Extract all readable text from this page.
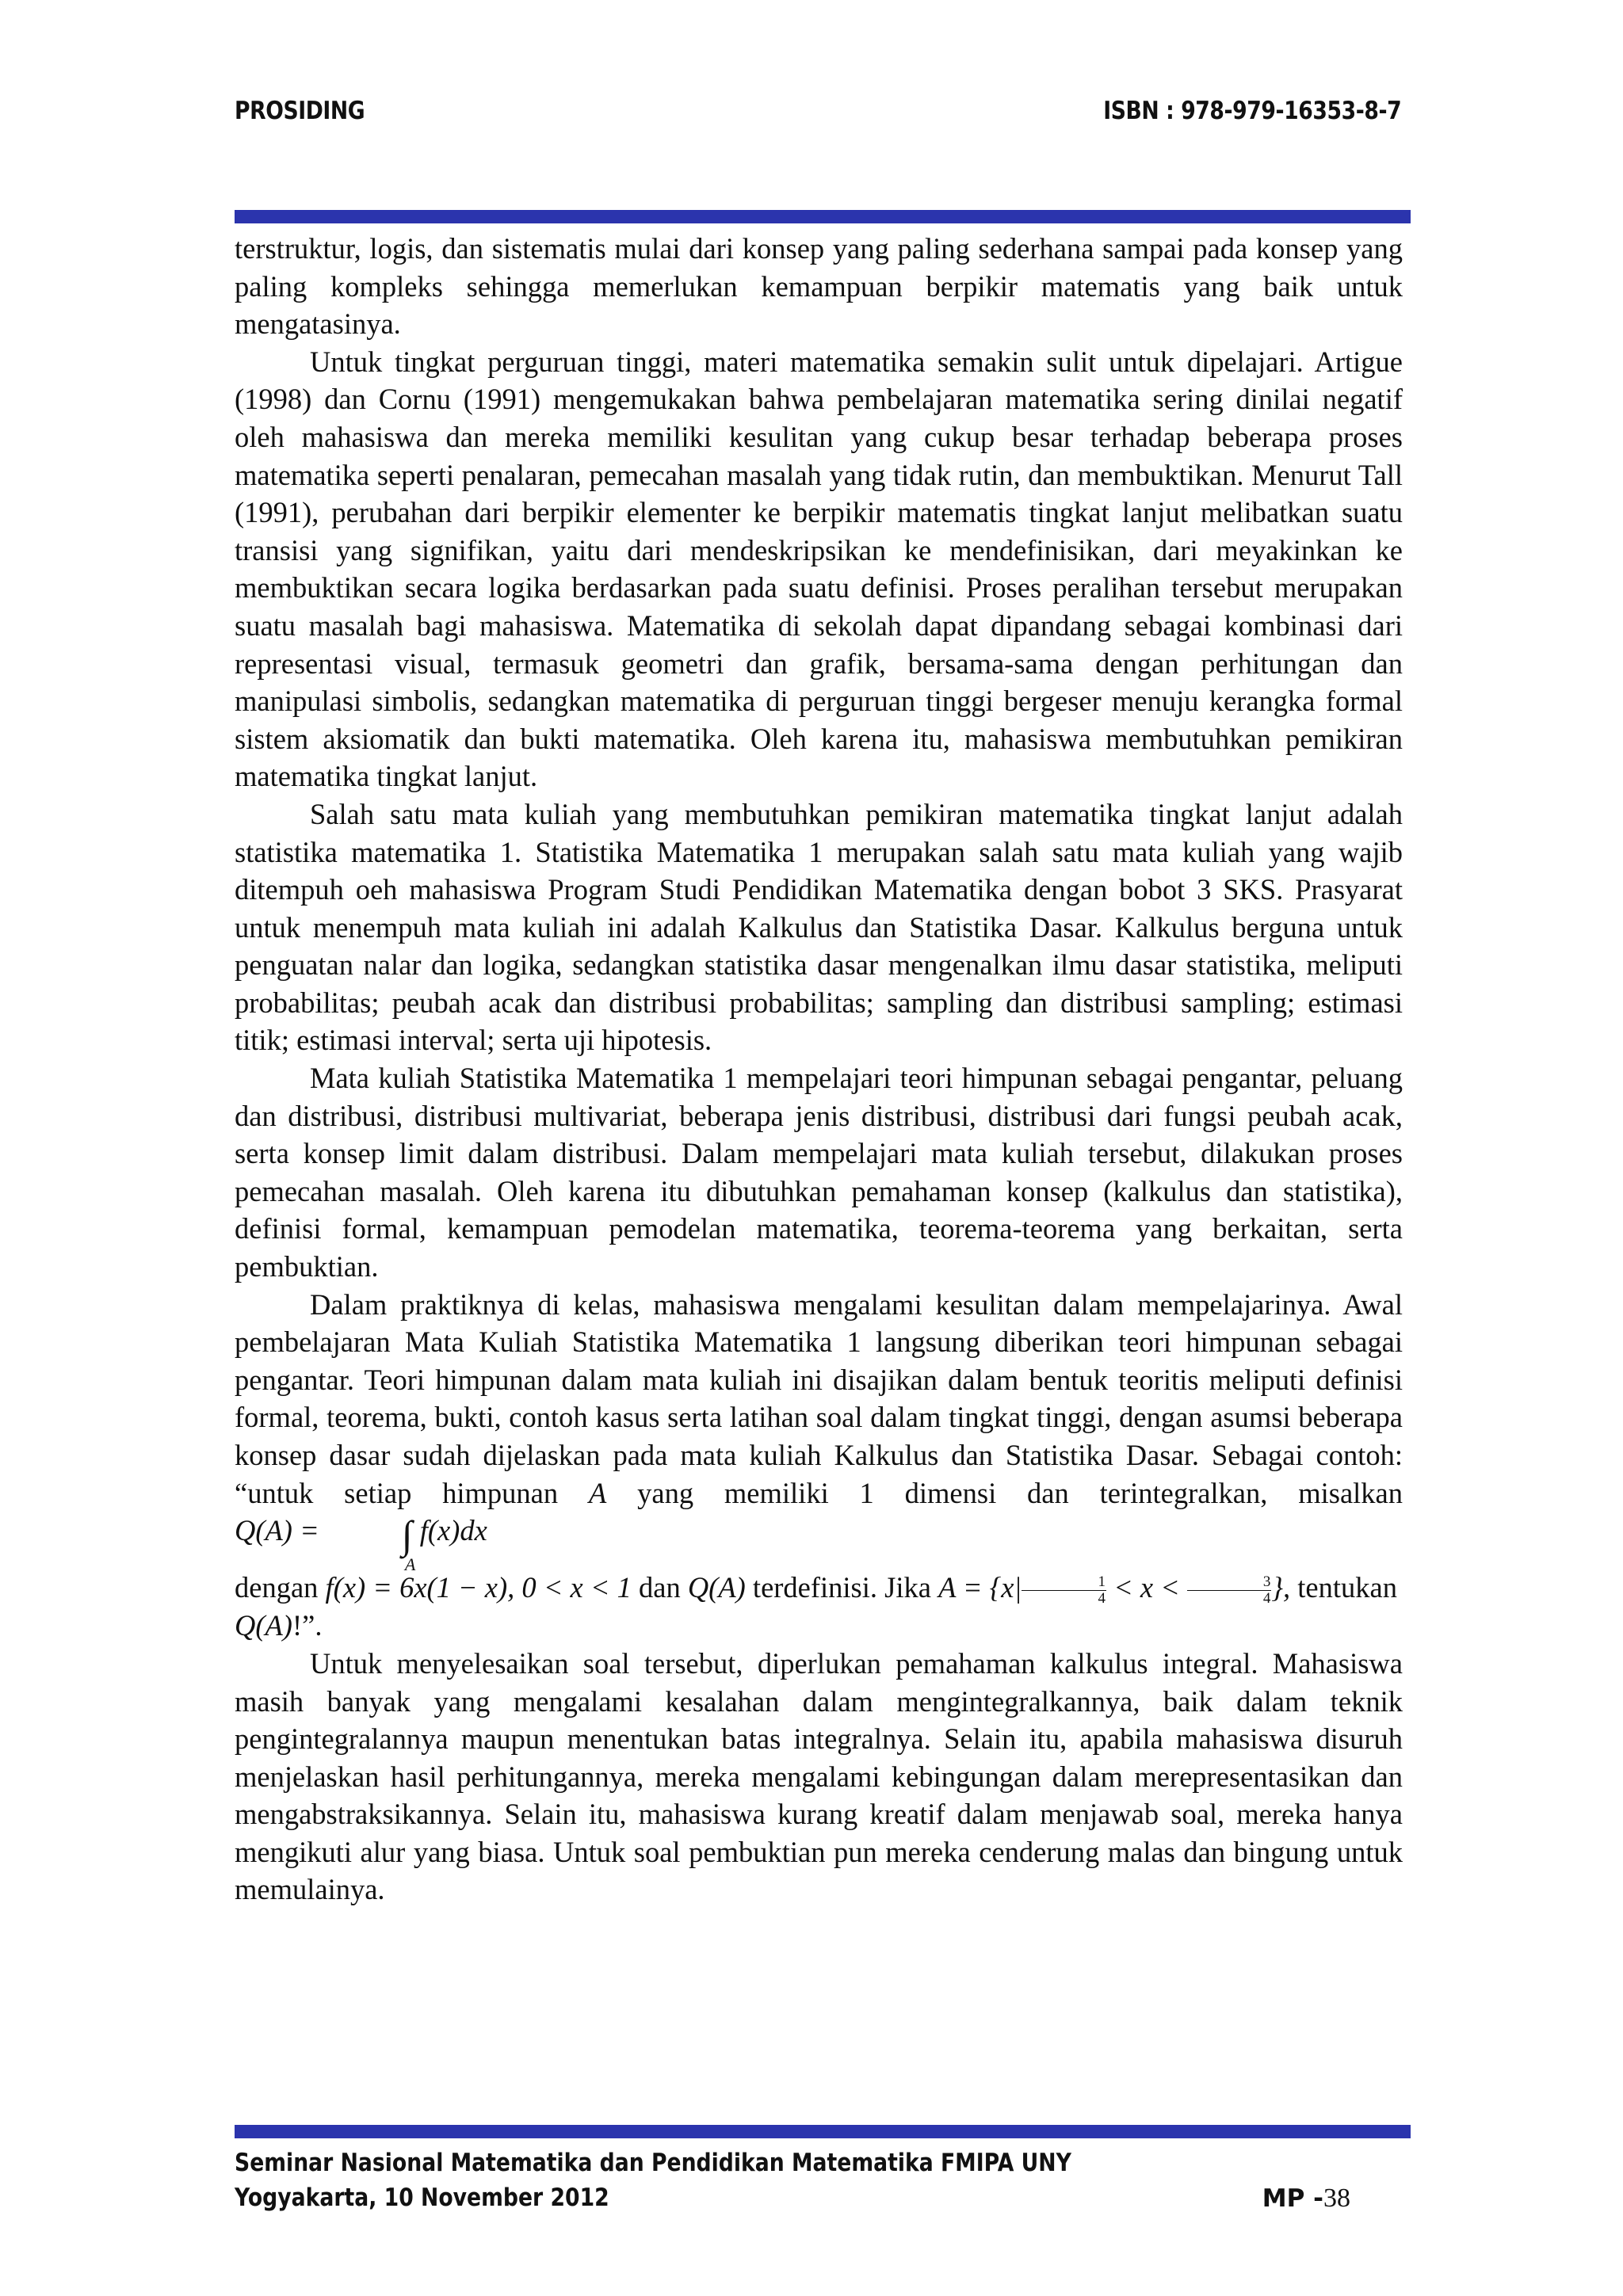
PROSIDING	ISBN : 978-979-16353-8-7

terstruktur, logis, dan sistematis mulai dari konsep yang paling sederhana sampai pada konsep yang paling kompleks sehingga memerlukan kemampuan berpikir matematis yang baik untuk mengatasinya.

Untuk tingkat perguruan tinggi, materi matematika semakin sulit untuk dipelajari. Artigue (1998) dan Cornu (1991) mengemukakan bahwa pembelajaran matematika sering dinilai negatif oleh mahasiswa dan mereka memiliki kesulitan yang cukup besar terhadap beberapa proses matematika seperti penalaran, pemecahan masalah yang tidak rutin, dan membuktikan. Menurut Tall (1991), perubahan dari berpikir elementer ke berpikir matematis tingkat lanjut melibatkan suatu transisi yang signifikan, yaitu dari mendeskripsikan ke mendefinisikan, dari meyakinkan ke membuktikan secara logika berdasarkan pada suatu definisi. Proses peralihan tersebut merupakan suatu masalah bagi mahasiswa. Matematika di sekolah dapat dipandang sebagai kombinasi dari representasi visual, termasuk geometri dan grafik, bersama-sama dengan perhitungan dan manipulasi simbolis, sedangkan matematika di perguruan tinggi bergeser menuju kerangka formal sistem aksiomatik dan bukti matematika. Oleh karena itu, mahasiswa membutuhkan pemikiran matematika tingkat lanjut.

Salah satu mata kuliah yang membutuhkan pemikiran matematika tingkat lanjut adalah statistika matematika 1. Statistika Matematika 1 merupakan salah satu mata kuliah yang wajib ditempuh oeh mahasiswa Program Studi Pendidikan Matematika dengan bobot 3 SKS. Prasyarat untuk menempuh mata kuliah ini adalah Kalkulus dan Statistika Dasar. Kalkulus berguna untuk penguatan nalar dan logika, sedangkan statistika dasar mengenalkan ilmu dasar statistika, meliputi probabilitas; peubah acak dan distribusi probabilitas; sampling dan distribusi sampling; estimasi titik; estimasi interval; serta uji hipotesis.

Mata kuliah Statistika Matematika 1 mempelajari teori himpunan sebagai pengantar, peluang dan distribusi, distribusi multivariat, beberapa jenis distribusi, distribusi dari fungsi peubah acak, serta konsep limit dalam distribusi. Dalam mempelajari mata kuliah tersebut, dilakukan proses pemecahan masalah. Oleh karena itu dibutuhkan pemahaman konsep (kalkulus dan statistika), definisi formal, kemampuan pemodelan matematika, teorema-teorema yang berkaitan, serta pembuktian.

Dalam praktiknya di kelas, mahasiswa mengalami kesulitan dalam mempelajarinya. Awal pembelajaran Mata Kuliah Statistika Matematika 1 langsung diberikan teori himpunan sebagai pengantar. Teori himpunan dalam mata kuliah ini disajikan dalam bentuk teoritis meliputi definisi formal, teorema, bukti, contoh kasus serta latihan soal dalam tingkat tinggi, dengan asumsi beberapa konsep dasar sudah dijelaskan pada mata kuliah Kalkulus dan Statistika Dasar. Sebagai contoh: “untuk setiap himpunan A yang memiliki 1 dimensi dan terintegralkan, misalkan Q(A) = ∫
A
f(x)dx
dengan f(x) = 6x(1 − x), 0 < x < 1 dan Q(A) terdefinisi. Jika $A = \{x| \frac{1}{4} < x < \frac{3}{4}$ }, tentukan
Q(A)!”.

Untuk menyelesaikan soal tersebut, diperlukan pemahaman kalkulus integral. Mahasiswa masih banyak yang mengalami kesalahan dalam mengintegralkannya, baik dalam teknik pengintegralannya maupun menentukan batas integralnya. Selain itu, apabila mahasiswa disuruh menjelaskan hasil perhitungannya, mereka mengalami kebingungan dalam merepresentasikan dan mengabstraksikannya. Selain itu, mahasiswa kurang kreatif dalam menjawab soal, mereka hanya mengikuti alur yang biasa. Untuk soal pembuktian pun mereka cenderung malas dan bingung untuk memulainya.

Seminar Nasional Matematika dan Pendidikan Matematika FMIPA UNY
Yogyakarta, 10 November 2012	MP -38
